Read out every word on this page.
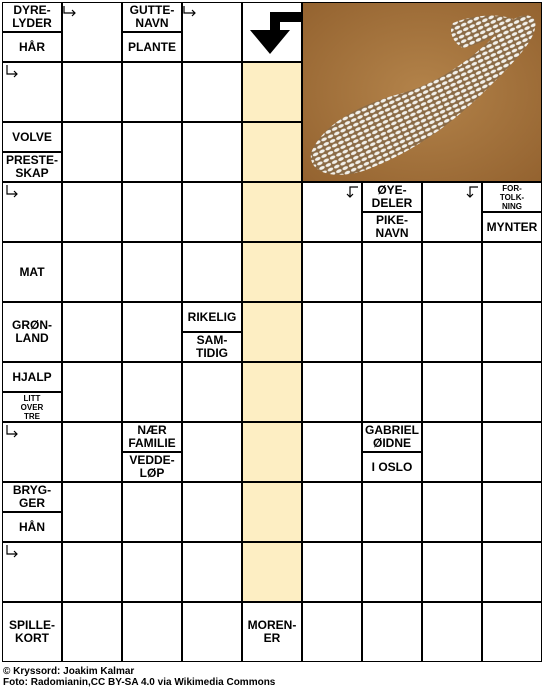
DYRE-
LYDER
HÅR
GUTTE-
NAVN
PLANTE
VOLVE
PRESTE-
SKAP
ØYE-
DELER
PIKE-
NAVN
FOR-
TOLK-
NING
MYNTER
MAT
GRØN-
LAND
RIKELIG
SAM-
TIDIG
HJALP
LITT
OVER
TRE
NÆR
FAMILIE
VEDDE-
LØP
GABRIEL
ØIDNE
I OSLO
BRYG-
GER
HÅN
SPILLE-
KORT
MOREN-
ER
© Kryssord: Joakim Kalmar
Foto: Radomianin,CC BY-SA 4.0 via Wikimedia Commons
